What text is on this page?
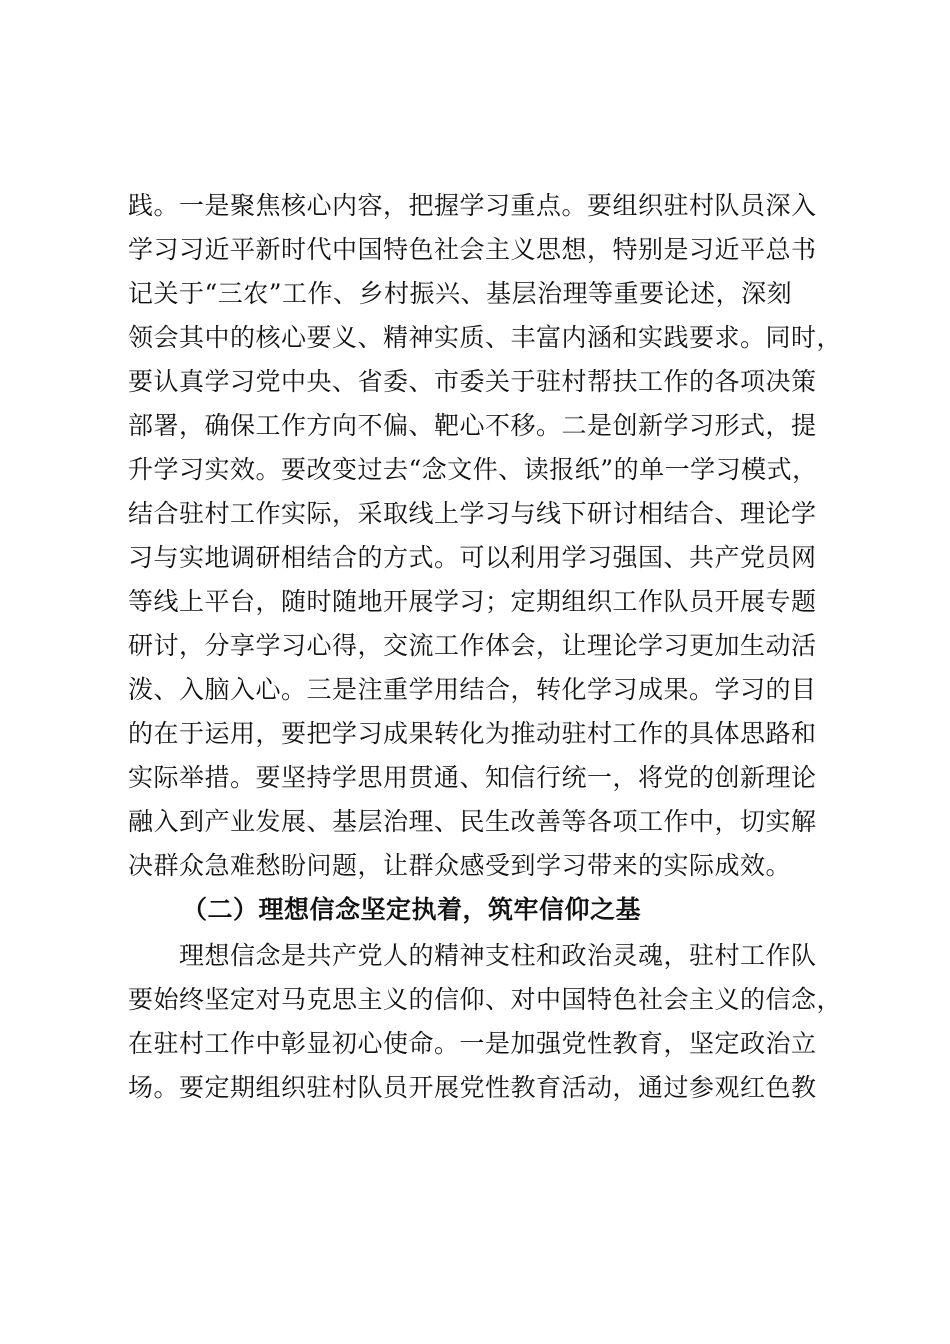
践。一是聚焦核心内容，把握学习重点。要组织驻村队员深入
学习习近平新时代中国特色社会主义思想，特别是习近平总书
记关于“三农”工作、乡村振兴、基层治理等重要论述，深刻
领会其中的核心要义、精神实质、丰富内涵和实践要求。同时，
要认真学习党中央、省委、市委关于驻村帮扶工作的各项决策
部署，确保工作方向不偏、靶心不移。二是创新学习形式，提
升学习实效。要改变过去“念文件、读报纸”的单一学习模式，
结合驻村工作实际，采取线上学习与线下研讨相结合、理论学
习与实地调研相结合的方式。可以利用学习强国、共产党员网
等线上平台，随时随地开展学习；定期组织工作队员开展专题
研讨，分享学习心得，交流工作体会，让理论学习更加生动活
泼、入脑入心。三是注重学用结合，转化学习成果。学习的目
的在于运用，要把学习成果转化为推动驻村工作的具体思路和
实际举措。要坚持学思用贯通、知信行统一，将党的创新理论
融入到产业发展、基层治理、民生改善等各项工作中，切实解
决群众急难愁盼问题，让群众感受到学习带来的实际成效。
（二）理想信念坚定执着，筑牢信仰之基
　　理想信念是共产党人的精神支柱和政治灵魂，驻村工作队
要始终坚定对马克思主义的信仰、对中国特色社会主义的信念，
在驻村工作中彰显初心使命。一是加强党性教育，坚定政治立
场。要定期组织驻村队员开展党性教育活动，通过参观红色教
